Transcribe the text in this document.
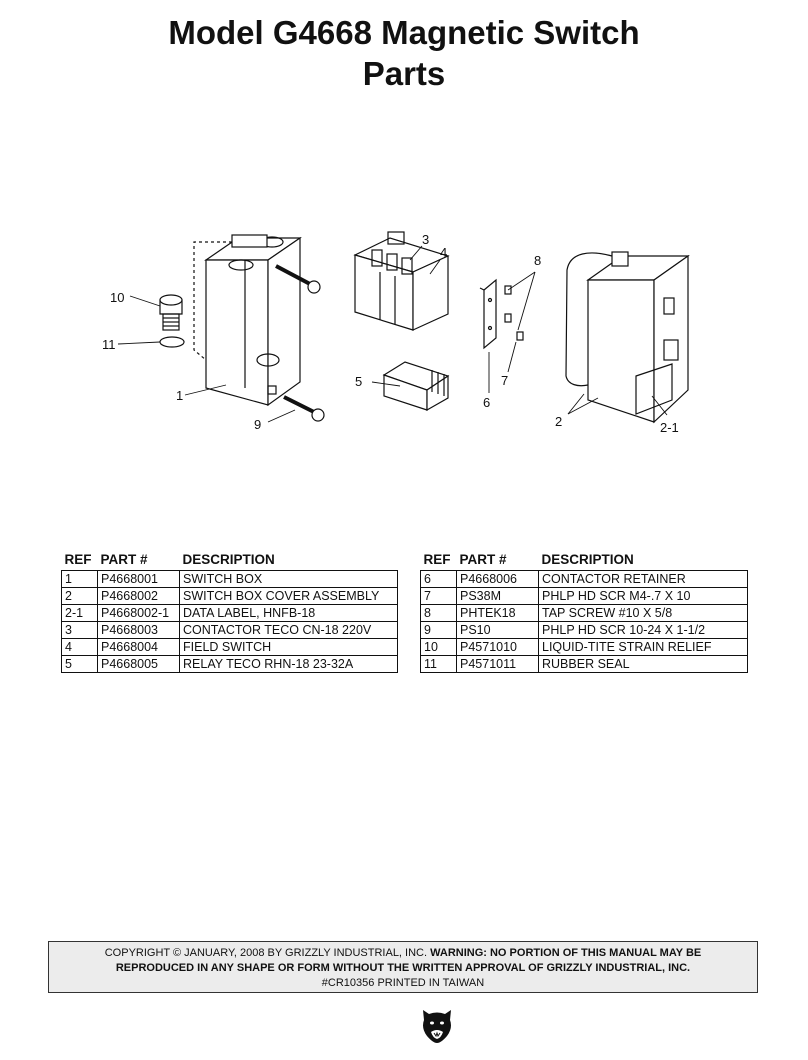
Model G4668 Magnetic Switch
Parts
1
2	2-1
3
4
5
6
7
8
9
10
11
REF	PART #	DESCRIPTION
1	P4668001	SWITCH BOX
2	P4668002	SWITCH BOX COVER ASSEMBLY
2-1	P4668002-1	DATA LABEL, HNFB-18
3	P4668003	CONTACTOR TECO CN-18 220V
4	P4668004	FIELD SWITCH
5	P4668005	RELAY TECO RHN-18 23-32A
REF	PART #	DESCRIPTION
6	P4668006	CONTACTOR RETAINER
7	PS38M	PHLP HD SCR M4-.7 X 10
8	PHTEK18	TAP SCREW #10 X 5/8
9	PS10	PHLP HD SCR 10-24 X 1-1/2
10	P4571010	LIQUID-TITE STRAIN RELIEF
11	P4571011	RUBBER SEAL
COPYRIGHT © JANUARY, 2008 BY GRIZZLY INDUSTRIAL, INC. WARNING: NO PORTION OF THIS MANUAL MAY BE
REPRODUCED IN ANY SHAPE OR FORM WITHOUT THE WRITTEN APPROVAL OF GRIZZLY INDUSTRIAL, INC.
#CR10356 PRINTED IN TAIWAN
